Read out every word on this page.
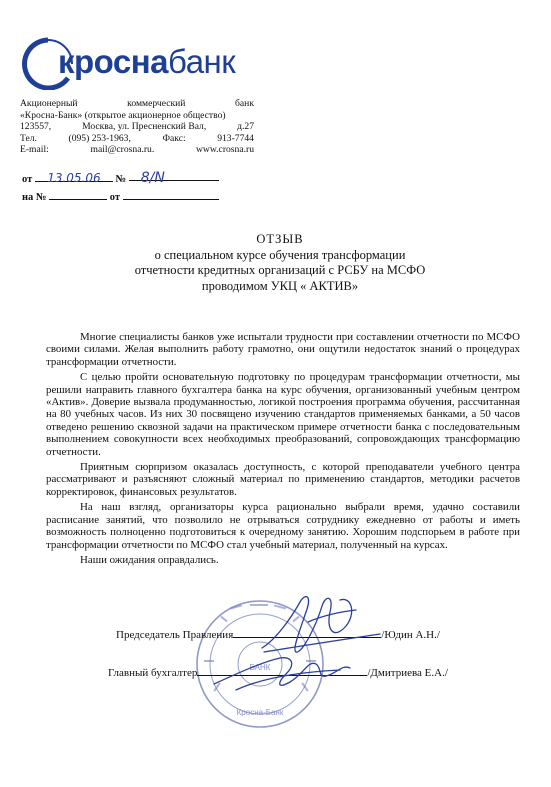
кроснабанк
Акционерный	коммерческий	банк
«Кросна-Банк» (открытое акционерное общество)
123557,	Москва, ул. Пресненский Вал,	д.27
Тел.	(095) 253-1963,	Факс:	913-7744
E-mail:	mail@crosna.ru.	www.crosna.ru
от 13.05.06 № 8/N
на №	от
ОТЗЫВ
о специальном курсе обучения трансформации
отчетности кредитных организаций с РСБУ на МСФО
проводимом УКЦ « АКТИВ»

Многие специалисты банков уже испытали трудности при составлении отчетности по МСФО своими силами. Желая выполнить работу грамотно, они ощутили недостаток знаний о процедурах трансформации отчетности.

С целью пройти основательную подготовку по процедурам трансформации отчетности, мы решили направить главного бухгалтера банка на курс обучения, организованный учебным центром «Актив». Доверие вызвала продуманностью, логикой построения программа обучения, рассчитанная на 80 учебных часов. Из них 30 посвящено изучению стандартов применяемых банками, а 50 часов отведено решению сквозной задачи на практическом примере отчетности банка с последовательным выполнением совокупности всех необходимых преобразований, сопровождающих трансформацию отчетности.

Приятным сюрпризом оказалась доступность, с которой преподаватели учебного центра рассматривают и разъясняют сложный материал по применению стандартов, методики расчетов корректировок, финансовых результатов.

На наш взгляд, организаторы курса рационально выбрали время, удачно составили расписание занятий, что позволило не отрываться сотруднику ежедневно от работы и иметь возможность полноценно подготовиться к очередному занятию. Хорошим подспорьем в работе при трансформации отчетности по МСФО стал учебный материал, полученный на курсах.

Наши ожидания оправдались.

БАНК
Кросна-Банк
Председатель Правления	/Юдин А.Н./
Главный бухгалтер	/Дмитриева Е.А./
